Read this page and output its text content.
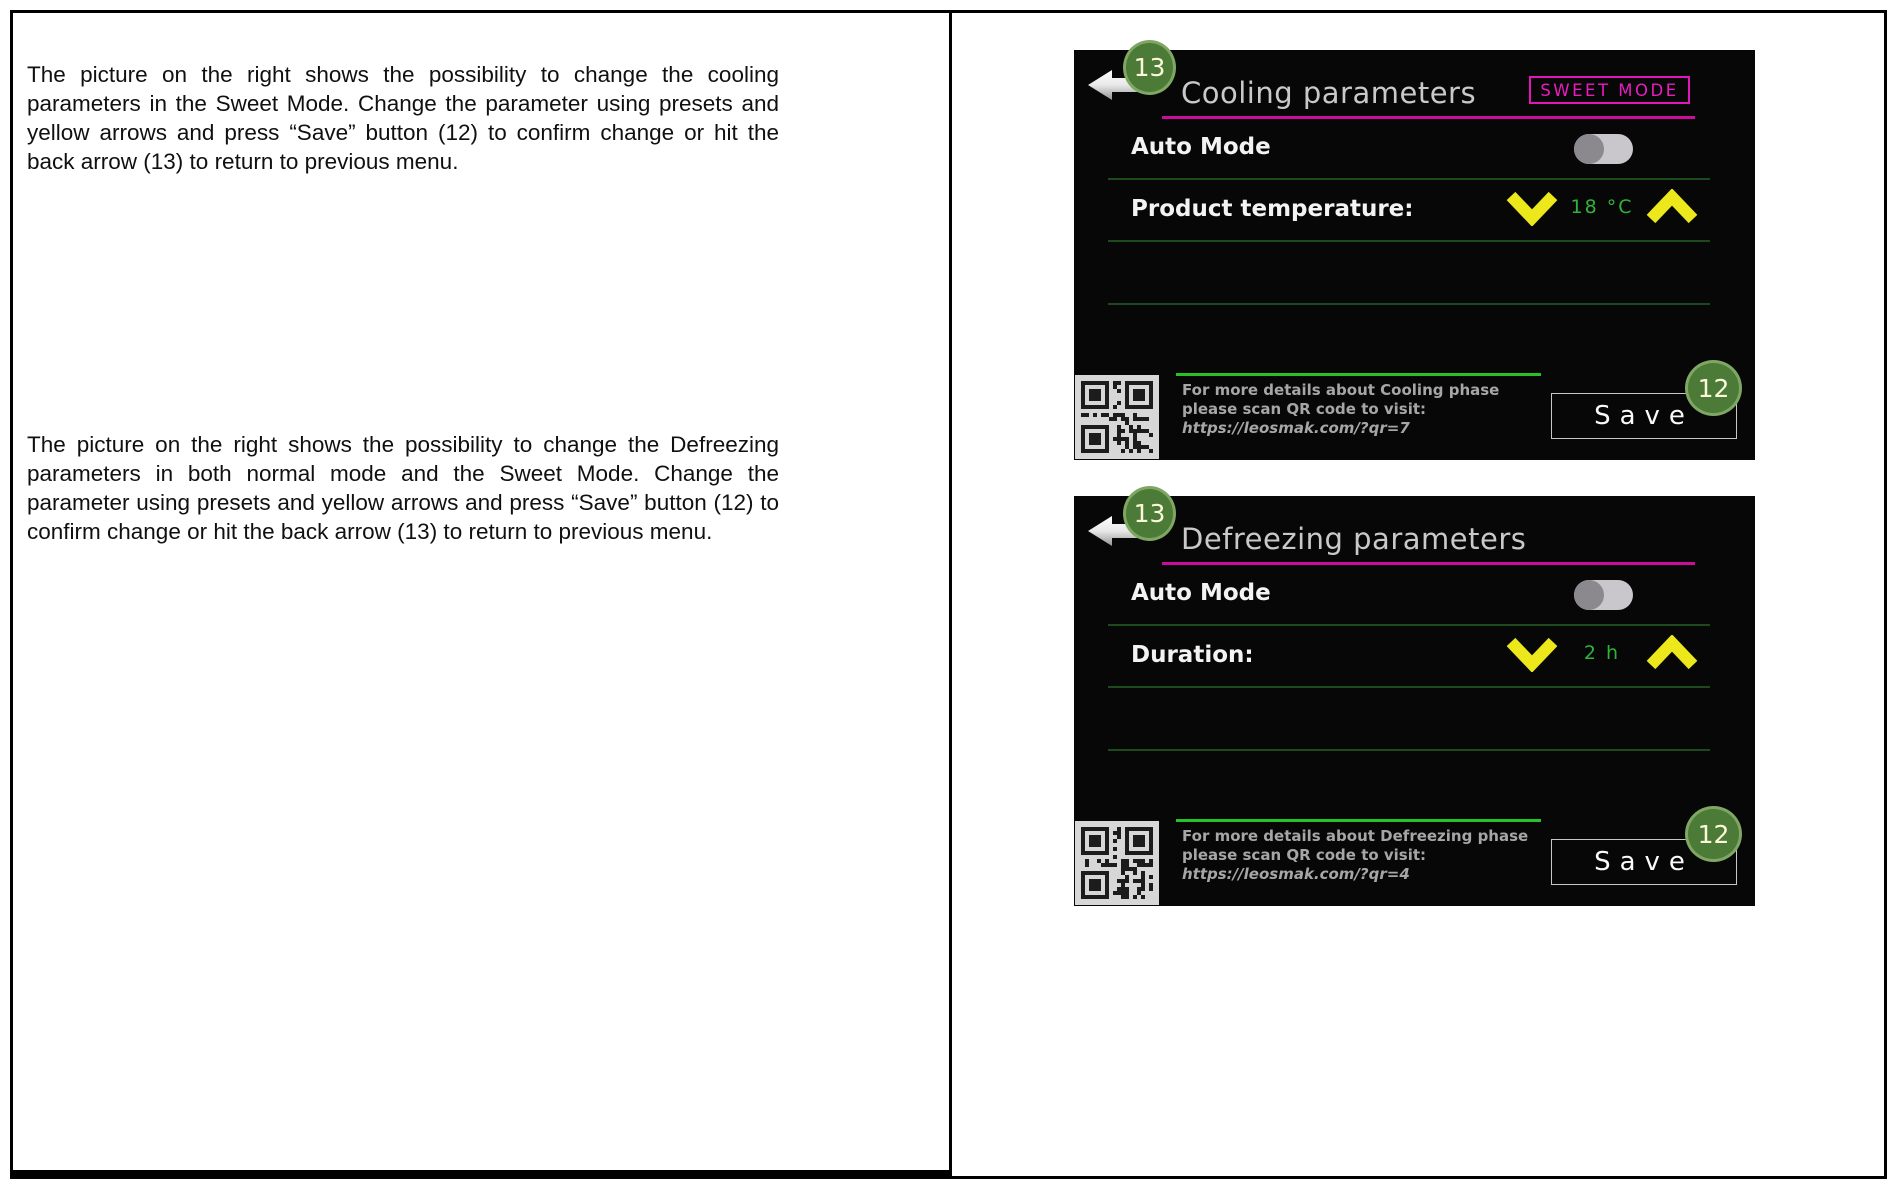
The picture on the right shows the possibility to change the cooling parameters in the Sweet Mode. Change the parameter using presets and yellow arrows and press “Save” button (12) to confirm change or hit the back arrow (13) to return to previous menu.

The picture on the right shows the possibility to change the Defreezing parameters in both normal mode and the Sweet Mode. Change the parameter using presets and yellow arrows and press “Save” button (12) to confirm change or hit the back arrow (13) to return to previous menu.

13
Cooling parameters	SWEET MODE
Auto Mode
Product temperature:	18 °C
For more details about Cooling phase
please scan QR code to visit:
https://leosmak.com/?qr=7	Save
12
13
Defreezing parameters
Auto Mode
Duration:	2 h
For more details about Defreezing phase
please scan QR code to visit:
https://leosmak.com/?qr=4	Save
12
